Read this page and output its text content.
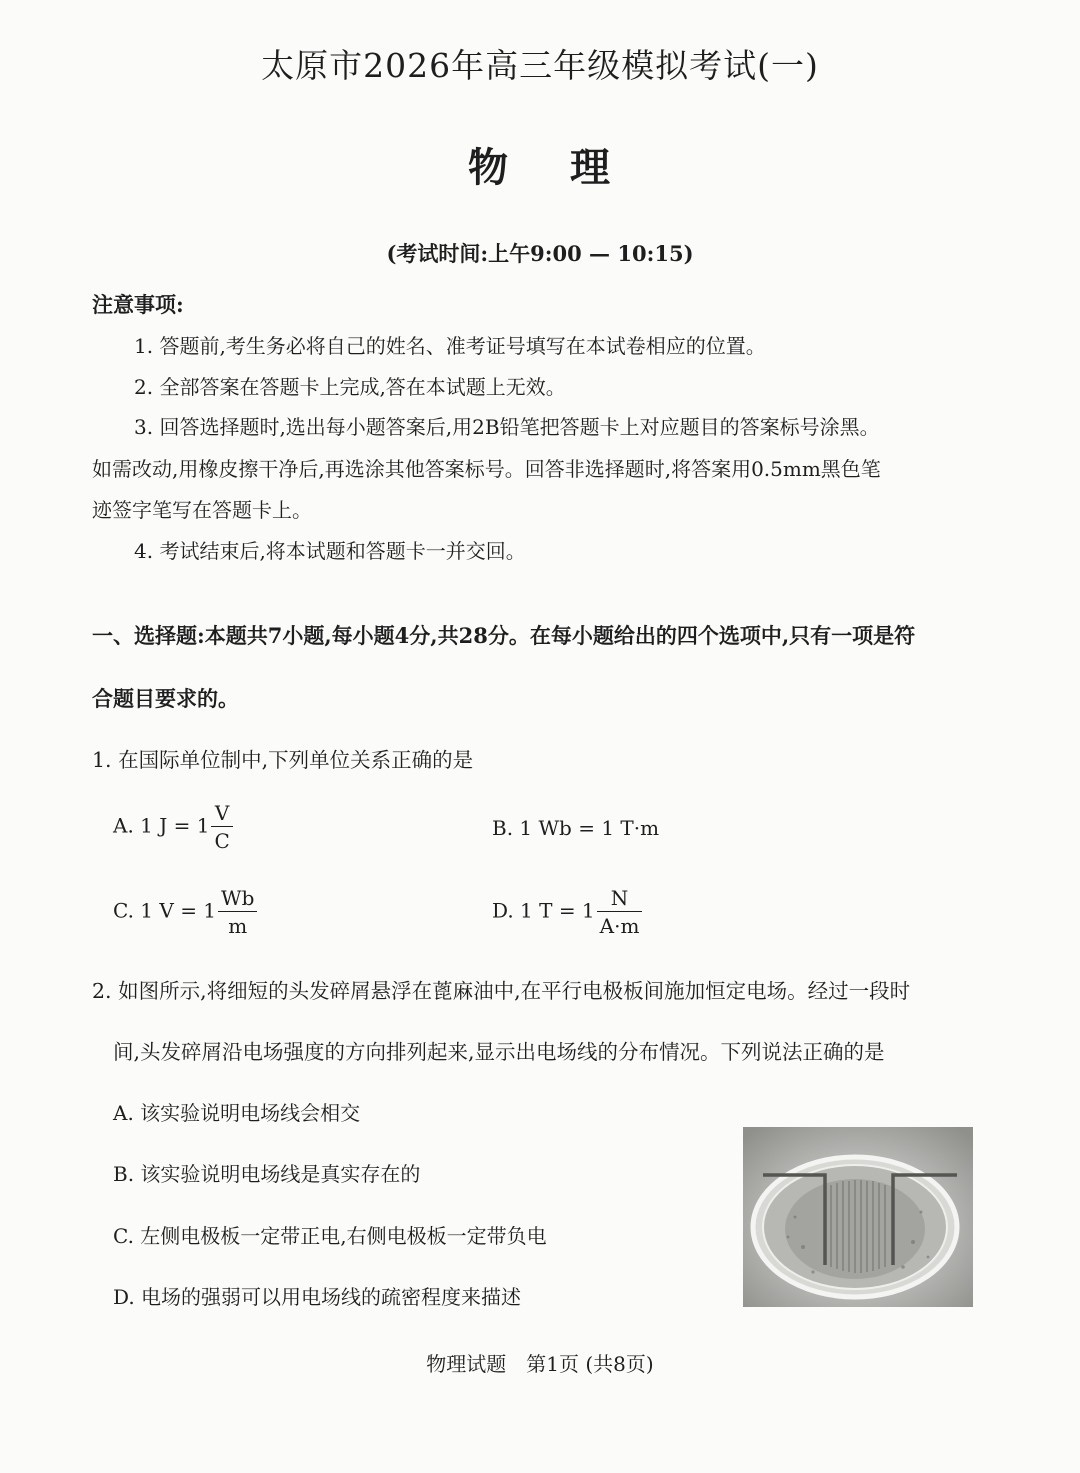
太原市2026年高三年级模拟考试(一)
物 理
(考试时间:上午9:00 — 10:15)
注意事项:
1. 答题前,考生务必将自己的姓名、准考证号填写在本试卷相应的位置。
2. 全部答案在答题卡上完成,答在本试题上无效。
3. 回答选择题时,选出每小题答案后,用2B铅笔把答题卡上对应题目的答案标号涂黑。
如需改动,用橡皮擦干净后,再选涂其他答案标号。回答非选择题时,将答案用0.5mm黑色笔
迹签字笔写在答题卡上。
4. 考试结束后,将本试题和答题卡一并交回。
一、选择题:本题共7小题,每小题4分,共28分。在每小题给出的四个选项中,只有一项是符
合题目要求的。
1. 在国际单位制中,下列单位关系正确的是
A. 1 $J = 1 \frac{V}{C}$	B. 1 Wb = 1 T·m
C. 1 $V = 1 \frac{Wb}{m}$	D. 1 $T = 1 \frac{N}{A\cdot m}$
2. 如图所示,将细短的头发碎屑悬浮在蓖麻油中,在平行电极板间施加恒定电场。经过一段时
间,头发碎屑沿电场强度的方向排列起来,显示出电场线的分布情况。下列说法正确的是
A. 该实验说明电场线会相交
B. 该实验说明电场线是真实存在的
C. 左侧电极板一定带正电,右侧电极板一定带负电
D. 电场的强弱可以用电场线的疏密程度来描述
物理试题 第1页 (共8页)
